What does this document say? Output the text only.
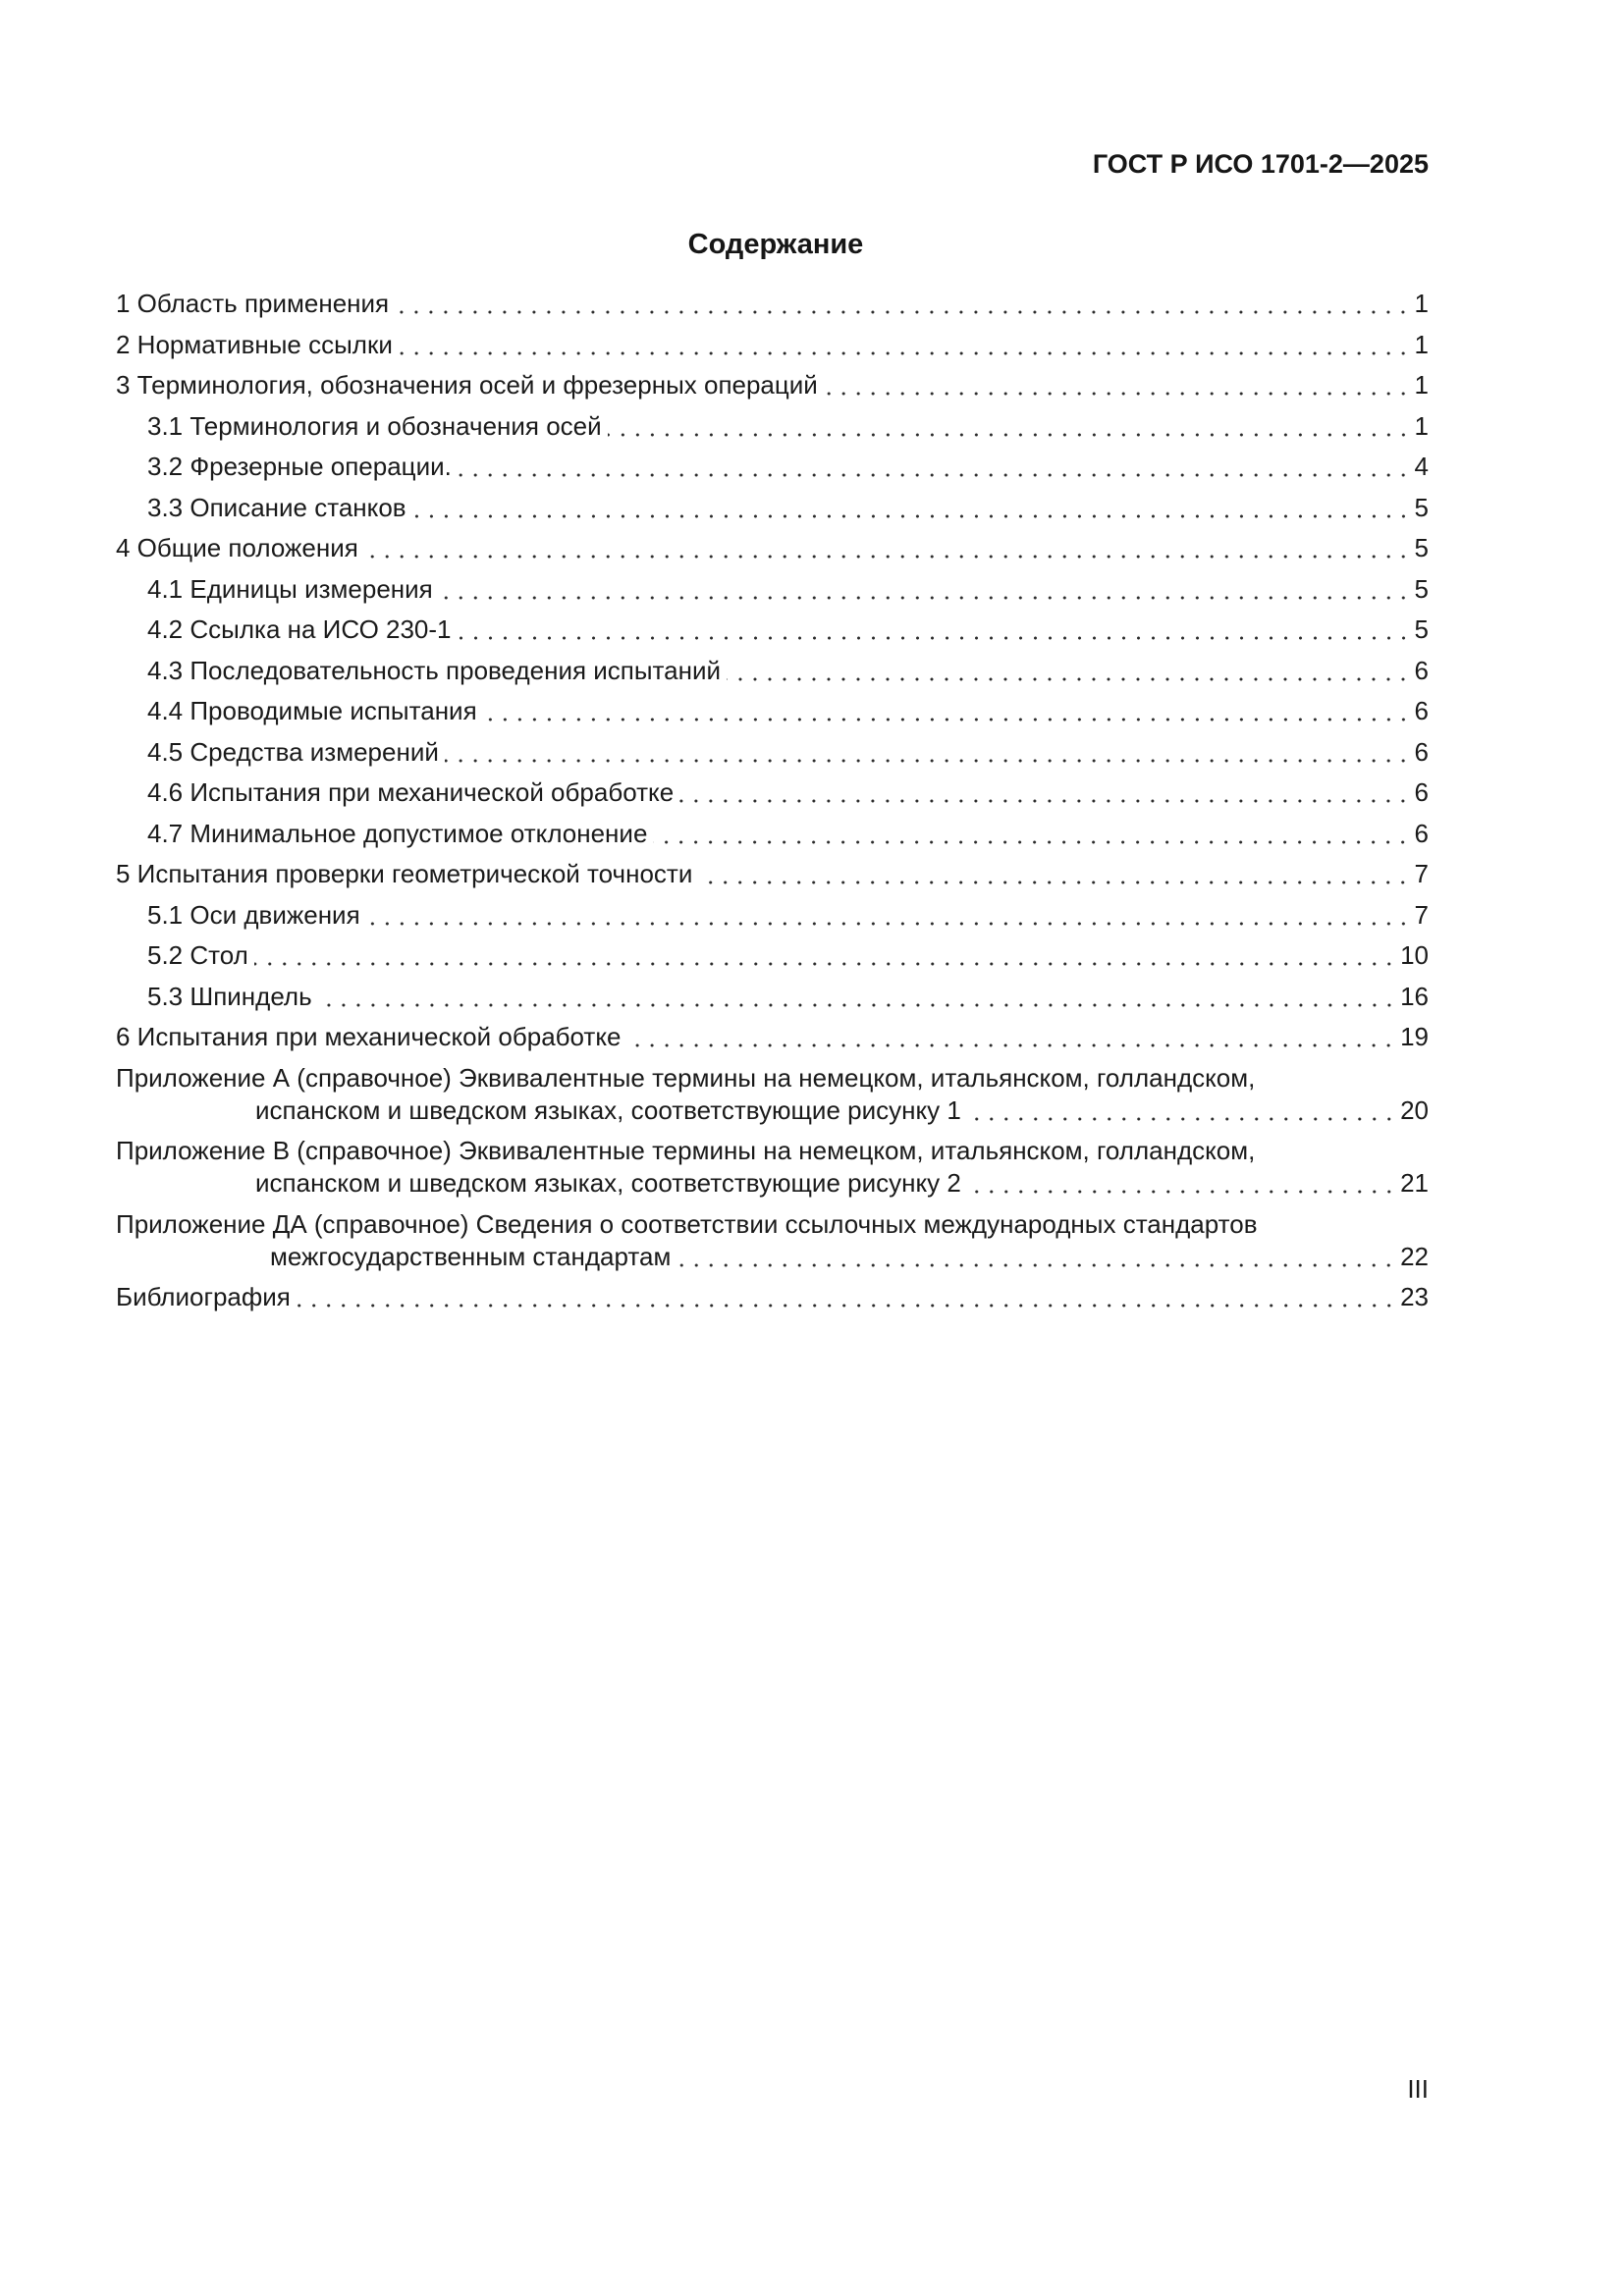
ГОСТ Р ИСО 1701-2—2025
Содержание
1 Область применения	1
2 Нормативные ссылки	1
3 Терминология, обозначения осей и фрезерных операций	1
3.1 Терминология и обозначения осей	1
3.2 Фрезерные операции.	4
3.3 Описание станков	5
4 Общие положения	5
4.1 Единицы измерения	5
4.2 Ссылка на ИСО 230-1	5
4.3 Последовательность проведения испытаний	6
4.4 Проводимые испытания	6
4.5 Средства измерений	6
4.6 Испытания при механической обработке	6
4.7 Минимальное допустимое отклонение	6
5 Испытания проверки геометрической точности	7
5.1 Оси движения	7
5.2 Стол	10
5.3 Шпиндель	16
6 Испытания при механической обработке	19
Приложение А (справочное) Эквивалентные термины на немецком, итальянском, голландском,
испанском и шведском языках, соответствующие рисунку 1	20
Приложение В (справочное) Эквивалентные термины на немецком, итальянском, голландском,
испанском и шведском языках, соответствующие рисунку 2	21
Приложение ДА (справочное) Сведения о соответствии ссылочных международных стандартов
межгосударственным стандартам	22
Библиография	23
III
